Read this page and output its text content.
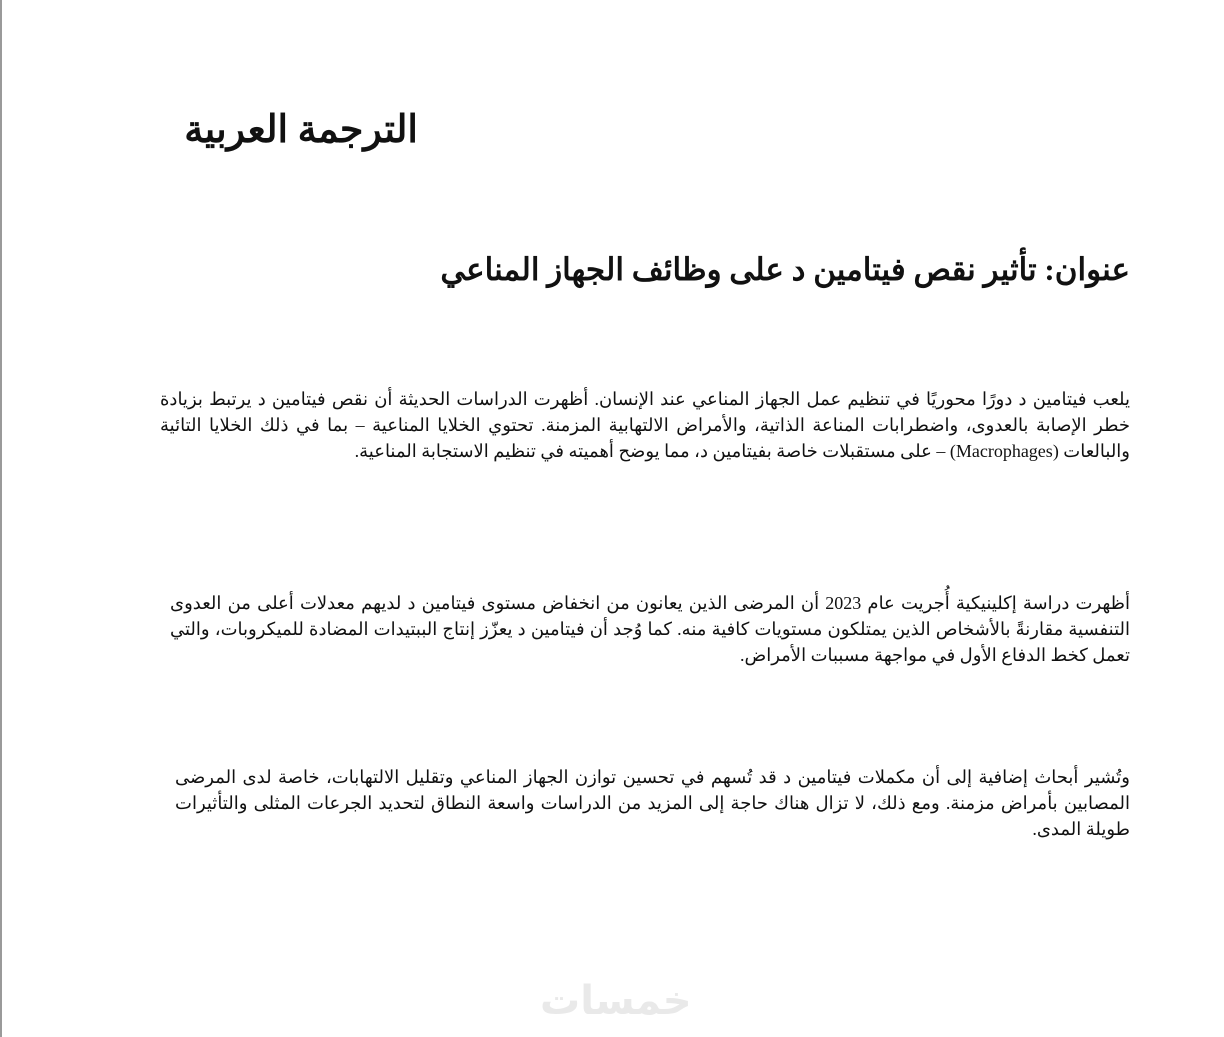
الترجمة العربية
عنوان: تأثير نقص فيتامين د على وظائف الجهاز المناعي

يلعب فيتامين د دورًا محوريًا في تنظيم عمل الجهاز المناعي عند الإنسان. أظهرت الدراسات الحديثة أن نقص فيتامين د يرتبط بزيادة خطر الإصابة بالعدوى، واضطرابات المناعة الذاتية، والأمراض الالتهابية المزمنة. تحتوي الخلايا المناعية – بما في ذلك الخلايا التائية والبالعات (Macrophages) – على مستقبلات خاصة بفيتامين د، مما يوضح أهميته في تنظيم الاستجابة المناعية.

أظهرت دراسة إكلينيكية أُجريت عام 2023 أن المرضى الذين يعانون من انخفاض مستوى فيتامين د لديهم معدلات أعلى من العدوى التنفسية مقارنةً بالأشخاص الذين يمتلكون مستويات كافية منه. كما وُجد أن فيتامين د يعزّز إنتاج الببتيدات المضادة للميكروبات، والتي تعمل كخط الدفاع الأول في مواجهة مسببات الأمراض.

وتُشير أبحاث إضافية إلى أن مكملات فيتامين د قد تُسهم في تحسين توازن الجهاز المناعي وتقليل الالتهابات، خاصة لدى المرضى المصابين بأمراض مزمنة. ومع ذلك، لا تزال هناك حاجة إلى المزيد من الدراسات واسعة النطاق لتحديد الجرعات المثلى والتأثيرات طويلة المدى.

خمسات
